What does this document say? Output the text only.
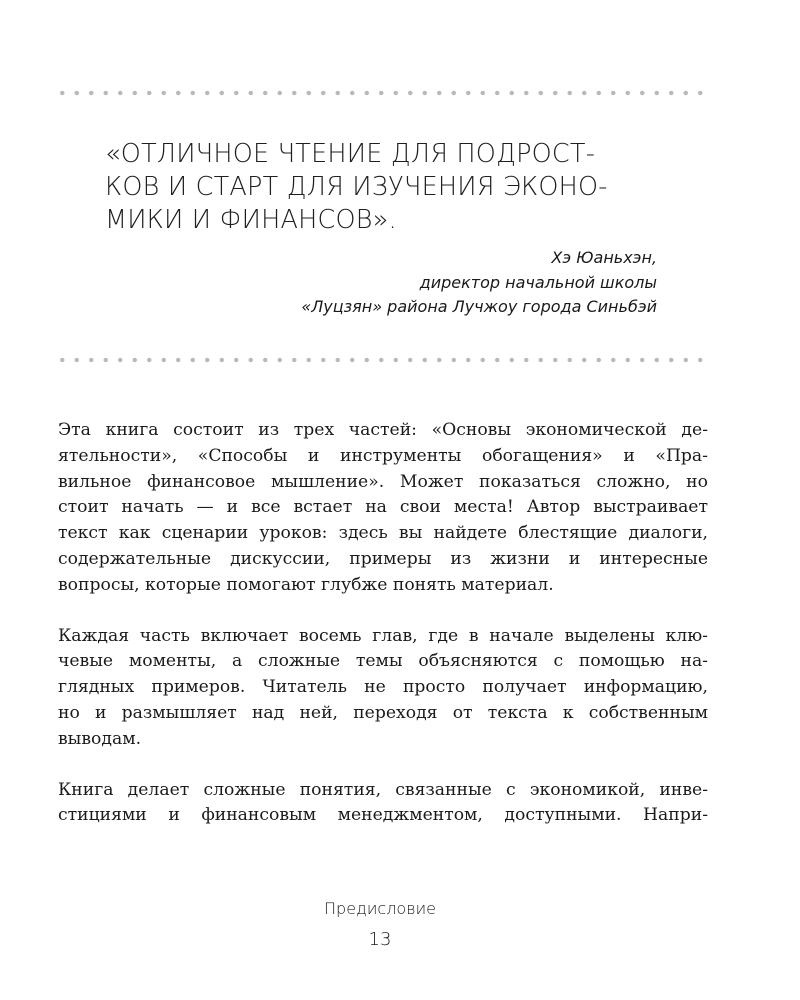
«ОТЛИЧНОЕ ЧТЕНИЕ ДЛЯ ПОДРОСТ-
КОВ И СТАРТ ДЛЯ ИЗУЧЕНИЯ ЭКОНО-
МИКИ И ФИНАНСОВ».
Хэ Юаньхэн,
директор начальной школы
«Луцзян» района Лучжоу города Синьбэй
Эта книга состоит из трех частей: «Основы экономической де-
ятельности», «Способы и инструменты обогащения» и «Пра-
вильное финансовое мышление». Может показаться сложно, но
стоит начать — и все встает на свои места! Автор выстраивает
текст как сценарии уроков: здесь вы найдете блестящие диалоги,
содержательные дискуссии, примеры из жизни и интересные
вопросы, которые помогают глубже понять материал.
Каждая часть включает восемь глав, где в начале выделены клю-
чевые моменты, а сложные темы объясняются с помощью на-
глядных примеров. Читатель не просто получает информацию,
но и размышляет над ней, переходя от текста к собственным
выводам.
Книга делает сложные понятия, связанные с экономикой, инве-
стициями и финансовым менеджментом, доступными. Напри-
Предисловие
13
